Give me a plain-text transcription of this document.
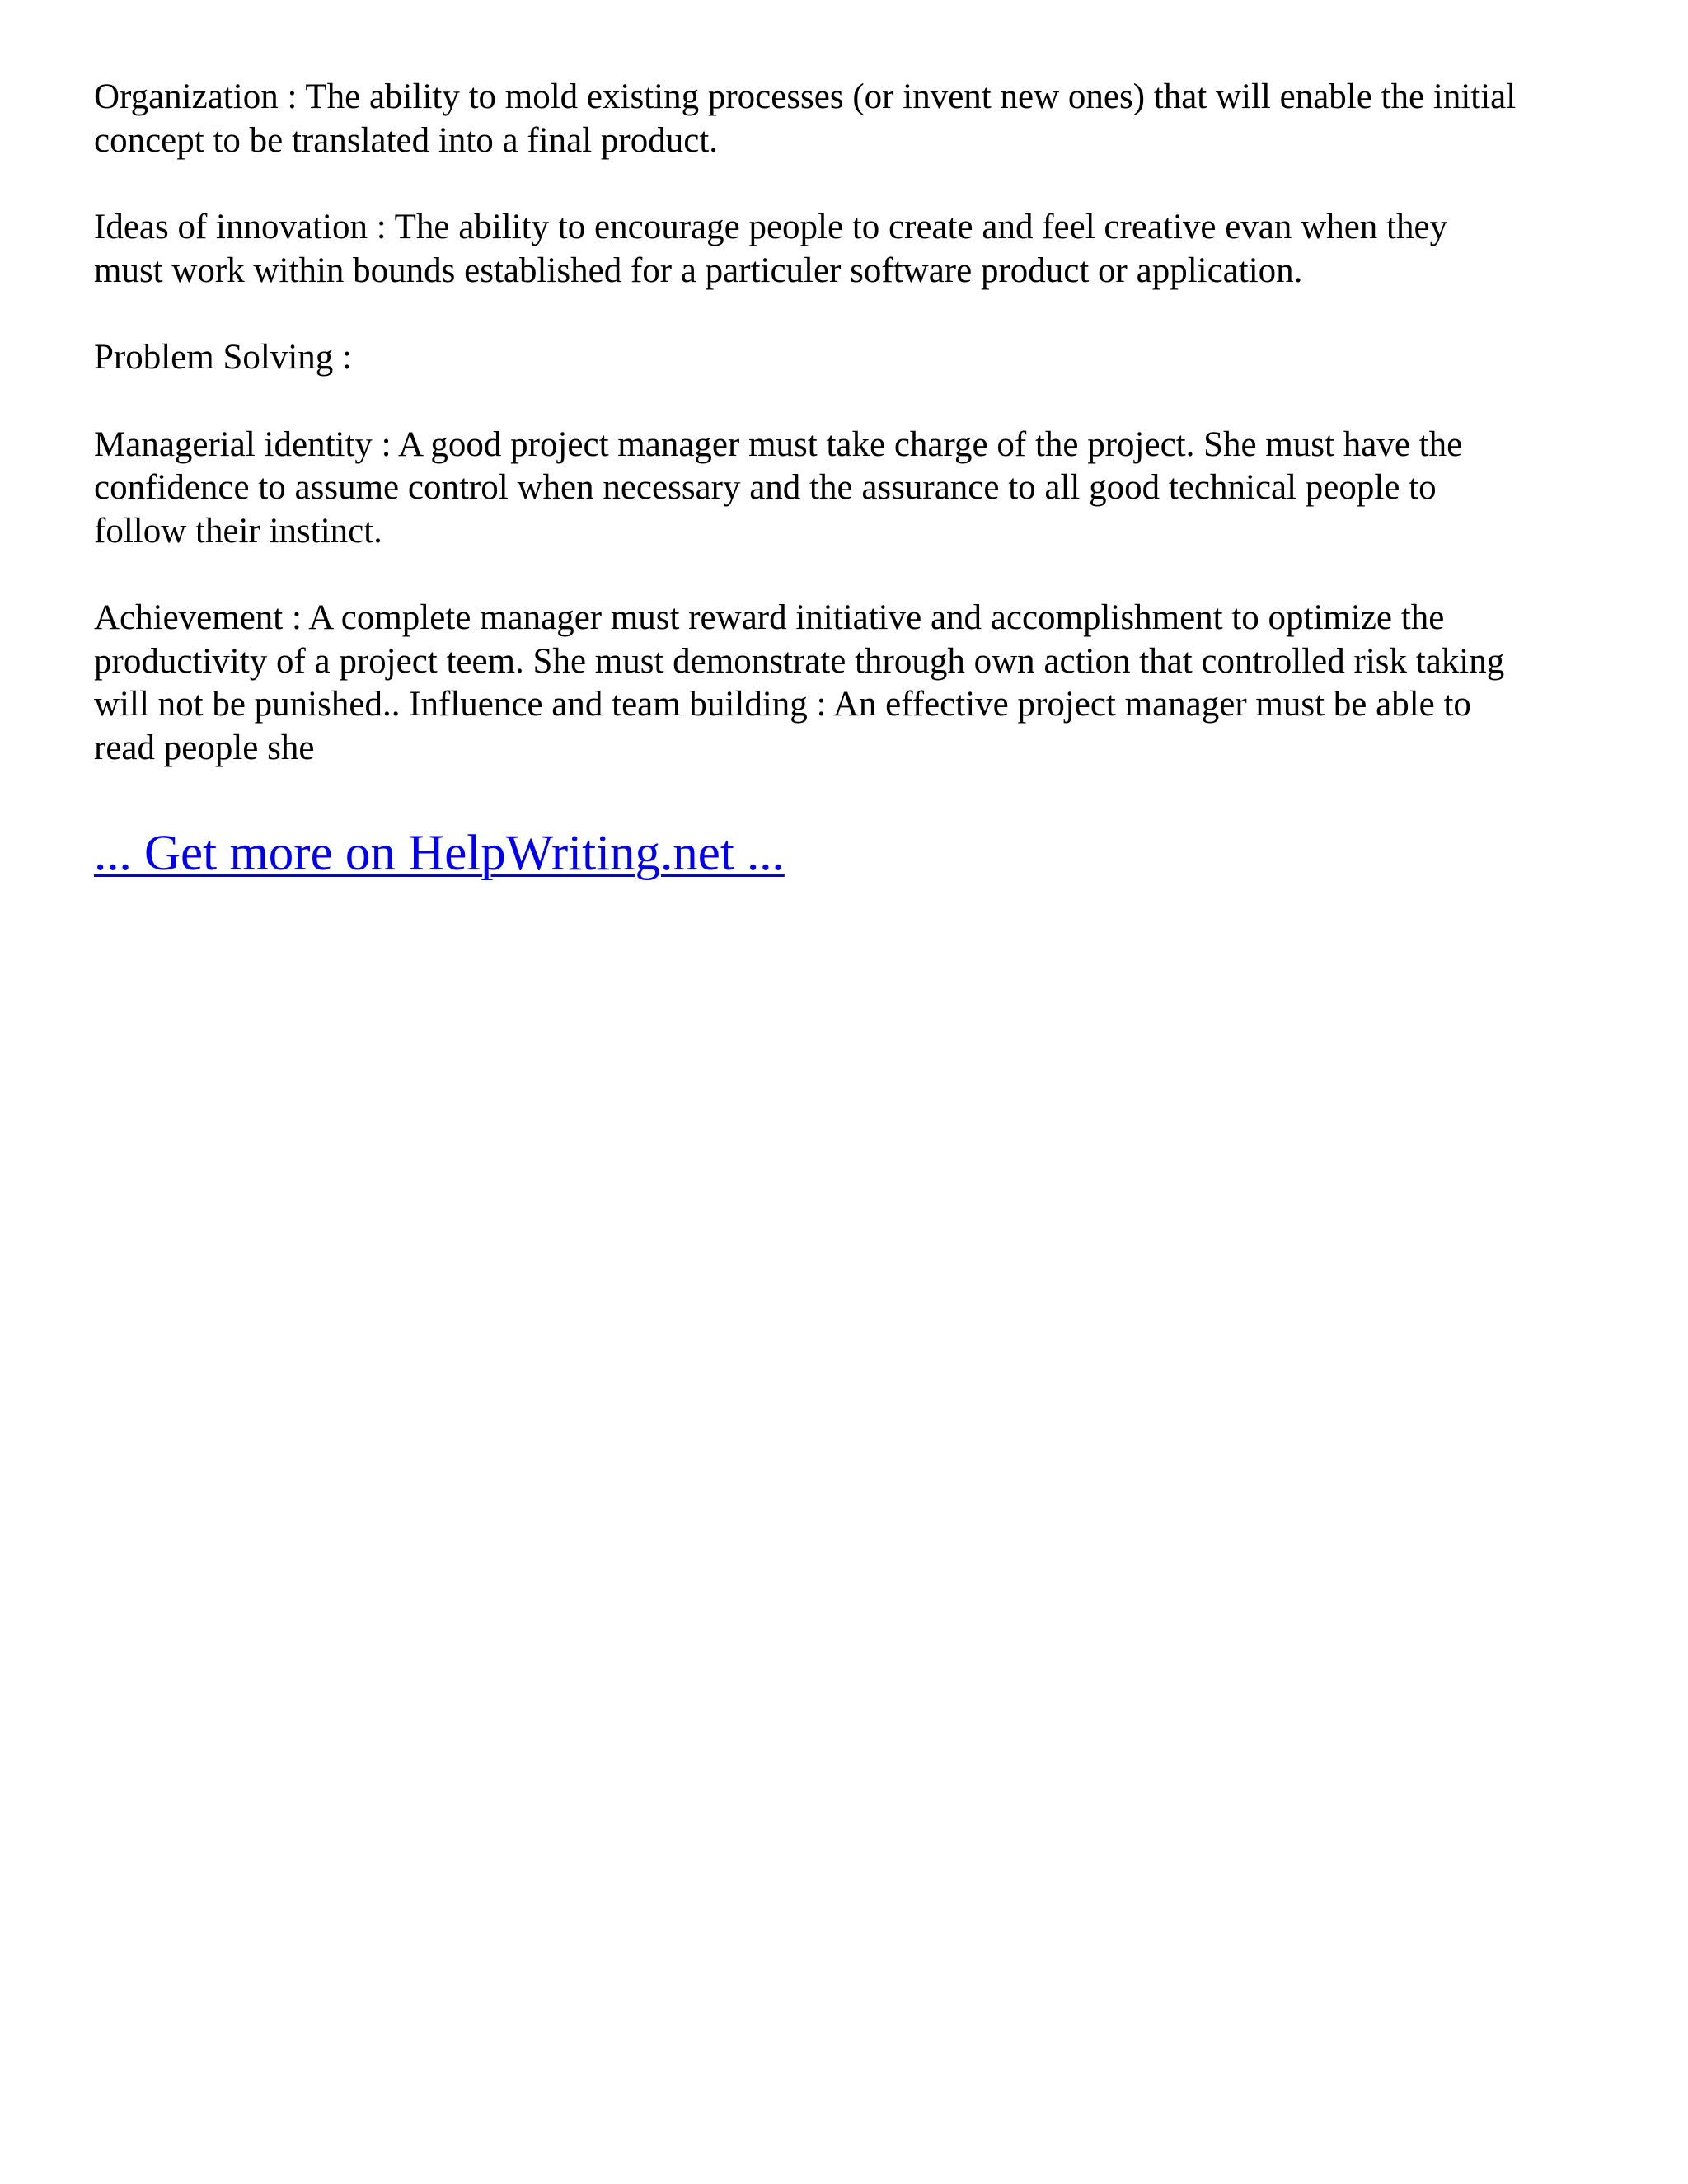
Organization : The ability to mold existing processes (or invent new ones) that will enable the initial
concept to be translated into a final product.

Ideas of innovation : The ability to encourage people to create and feel creative evan when they
must work within bounds established for a particuler software product or application.

Problem Solving :

Managerial identity : A good project manager must take charge of the project. She must have the
confidence to assume control when necessary and the assurance to all good technical people to
follow their instinct.

Achievement : A complete manager must reward initiative and accomplishment to optimize the
productivity of a project teem. She must demonstrate through own action that controlled risk taking
will not be punished.. Influence and team building : An effective project manager must be able to
read people she

... Get more on HelpWriting.net ...
